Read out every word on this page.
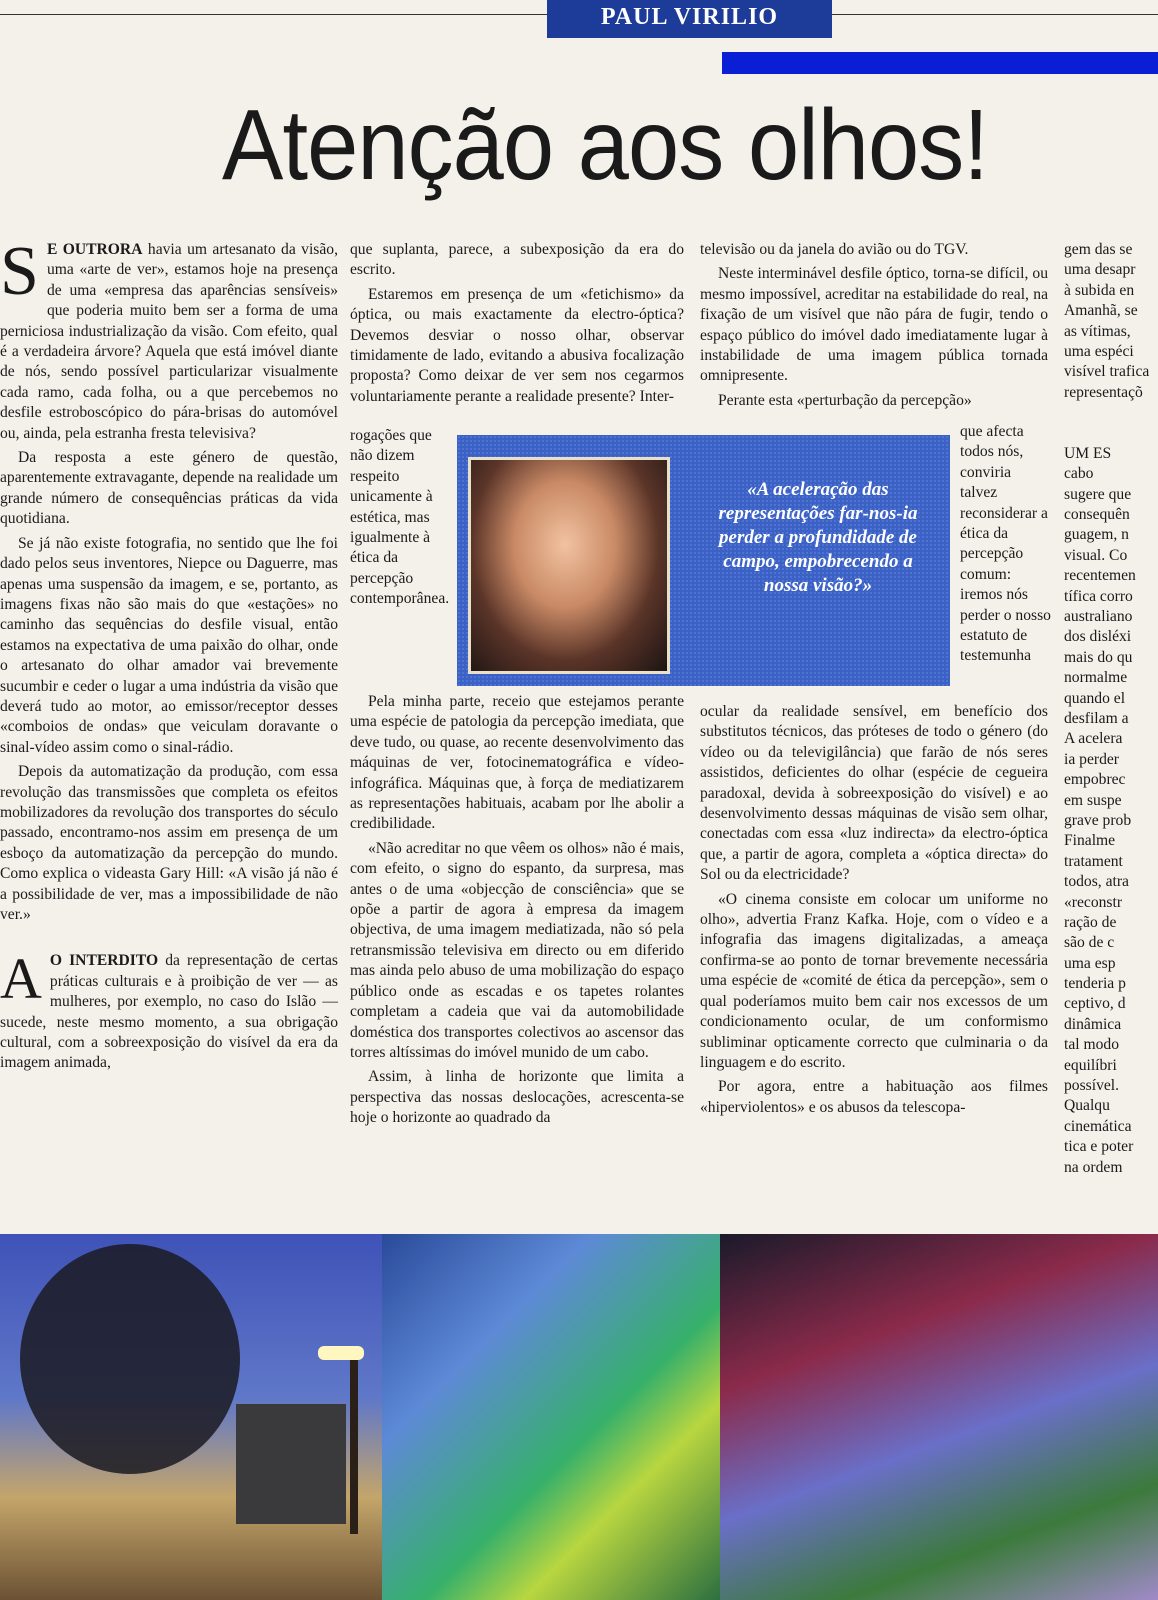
PAUL VIRILIO
Atenção aos olhos!

S E OUTRORA havia um artesanato da visão, uma «arte de ver», estamos hoje na presença de uma «empresa das aparências sensíveis» que poderia muito bem ser a forma de uma perniciosa industrialização da visão. Com efeito, qual é a verdadeira árvore? Aquela que está imóvel diante de nós, sendo possível particularizar visualmente cada ramo, cada folha, ou a que percebemos no desfile estroboscópico do pára-brisas do automóvel ou, ainda, pela estranha fresta televisiva?

Da resposta a este género de questão, aparentemente extravagante, depende na realidade um grande número de consequências práticas da vida quotidiana.

Se já não existe fotografia, no sentido que lhe foi dado pelos seus inventores, Niepce ou Daguerre, mas apenas uma suspensão da imagem, e se, portanto, as imagens fixas não são mais do que «estações» no caminho das sequências do desfile visual, então estamos na expectativa de uma paixão do olhar, onde o artesanato do olhar amador vai brevemente sucumbir e ceder o lugar a uma indústria da visão que deverá tudo ao motor, ao emissor/receptor desses «comboios de ondas» que veiculam doravante o sinal-vídeo assim como o sinal-rádio.

Depois da automatização da produção, com essa revolução das transmissões que completa os efeitos mobilizadores da revolução dos transportes do século passado, encontramo-nos assim em presença de um esboço da automatização da percepção do mundo. Como explica o videasta Gary Hill: «A visão já não é a possibilidade de ver, mas a impossibilidade de não ver.»

A O INTERDITO da representação de certas práticas culturais e à proibição de ver — as mulheres, por exemplo, no caso do Islão — sucede, neste mesmo momento, a sua obrigação cultural, com a sobreexposição do visível da era da imagem animada,

que suplanta, parece, a subexposição da era do escrito.

Estaremos em presença de um «fetichismo» da óptica, ou mais exactamente da electro-óptica? Devemos desviar o nosso olhar, observar timidamente de lado, evitando a abusiva focalização proposta? Como deixar de ver sem nos cegarmos voluntariamente perante a realidade presente? Inter-

rogações que não dizem respeito unicamente à estética, mas igualmente à ética da percepção contemporânea.

Pela minha parte, receio que estejamos perante uma espécie de patologia da percepção imediata, que deve tudo, ou quase, ao recente desenvolvimento das máquinas de ver, fotocinematográfica e vídeo-infográfica. Máquinas que, à força de mediatizarem as representações habituais, acabam por lhe abolir a credibilidade.

«Não acreditar no que vêem os olhos» não é mais, com efeito, o signo do espanto, da surpresa, mas antes o de uma «objecção de consciência» que se opõe a partir de agora à empresa da imagem objectiva, de uma imagem mediatizada, não só pela retransmissão televisiva em directo ou em diferido mas ainda pelo abuso de uma mobilização do espaço público onde as escadas e os tapetes rolantes completam a cadeia que vai da automobilidade doméstica dos transportes colectivos ao ascensor das torres altíssimas do imóvel munido de um cabo.

Assim, à linha de horizonte que limita a perspectiva das nossas deslocações, acrescenta-se hoje o horizonte ao quadrado da

televisão ou da janela do avião ou do TGV.

Neste interminável desfile óptico, torna-se difícil, ou mesmo impossível, acreditar na estabilidade do real, na fixação de um visível que não pára de fugir, tendo o espaço público do imóvel dado imediatamente lugar à instabilidade de uma imagem pública tornada omnipresente.

Perante esta «perturbação da percepção»

que afecta todos nós, conviria talvez reconsiderar a ética da percepção comum: iremos nós perder o nosso estatuto de testemunha

ocular da realidade sensível, em benefício dos substitutos técnicos, das próteses de todo o género (do vídeo ou da televigilância) que farão de nós seres assistidos, deficientes do olhar (espécie de cegueira paradoxal, devida à sobreexposição do visível) e ao desenvolvimento dessas máquinas de visão sem olhar, conectadas com essa «luz indirecta» da electro-óptica que, a partir de agora, completa a «óptica directa» do Sol ou da electricidade?

«O cinema consiste em colocar um uniforme no olho», advertia Franz Kafka. Hoje, com o vídeo e a infografia das imagens digitalizadas, a ameaça confirma-se ao ponto de tornar brevemente necessária uma espécie de «comité de ética da percepção», sem o qual poderíamos muito bem cair nos excessos de um condicionamento ocular, de um conformismo subliminar opticamente correcto que culminaria o da linguagem e do escrito.

Por agora, entre a habituação aos filmes «hiperviolentos» e os abusos da telescopa-

gem das se
uma desapr
à subida en
Amanhã, se
as vítimas,
uma espéci
visível trafica
representaçõ
UM ES
cabo
sugere que
consequên
guagem, n
visual. Co
recentemen
tífica corro
australiano
dos disléxi
mais do qu
normalme
quando el
desfilam a
A acelera
ia perder
empobrec
em suspe
grave prob
Finalme
tratament
todos, atra
«reconstr
ração de
são de c
uma esp
tenderia p
ceptivo, d
dinâmica
tal modo
equilíbri
possível.
Qualqu
cinemática
tica e poter
na ordem
«A aceleração das representações far-nos-ia perder a profundidade de campo, empobrecendo a nossa visão?»
